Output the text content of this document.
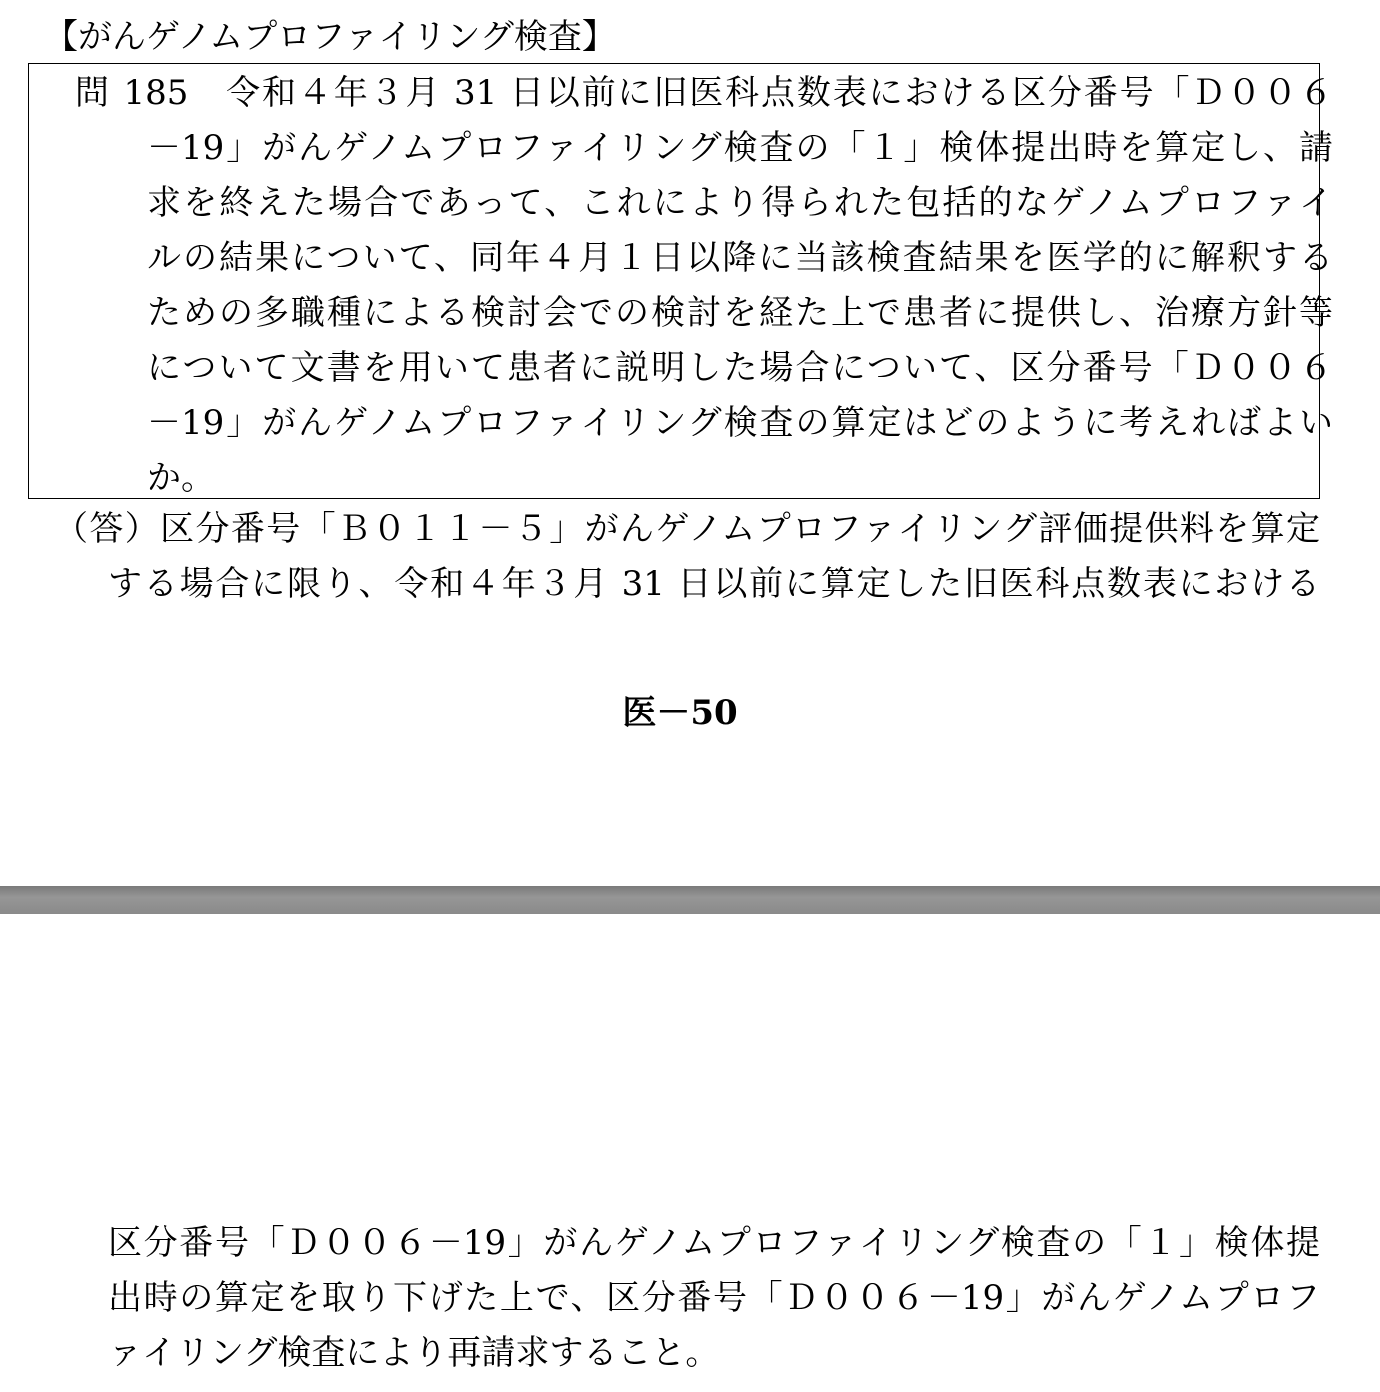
【がんゲノムプロファイリング検査】
問 185　令和４年３月 31 日以前に旧医科点数表における区分番号「Ｄ００６
－19」がんゲノムプロファイリング検査の「１」検体提出時を算定し、請
求を終えた場合であって、これにより得られた包括的なゲノムプロファイ
ルの結果について、同年４月１日以降に当該検査結果を医学的に解釈する
ための多職種による検討会での検討を経た上で患者に提供し、治療方針等
について文書を用いて患者に説明した場合について、区分番号「Ｄ００６
－19」がんゲノムプロファイリング検査の算定はどのように考えればよい
か。
（答）区分番号「Ｂ０１１－５」がんゲノムプロファイリング評価提供料を算定
する場合に限り、令和４年３月 31 日以前に算定した旧医科点数表における
医－50
区分番号「Ｄ００６－19」がんゲノムプロファイリング検査の「１」検体提
出時の算定を取り下げた上で、区分番号「Ｄ００６－19」がんゲノムプロフ
ァイリング検査により再請求すること。
